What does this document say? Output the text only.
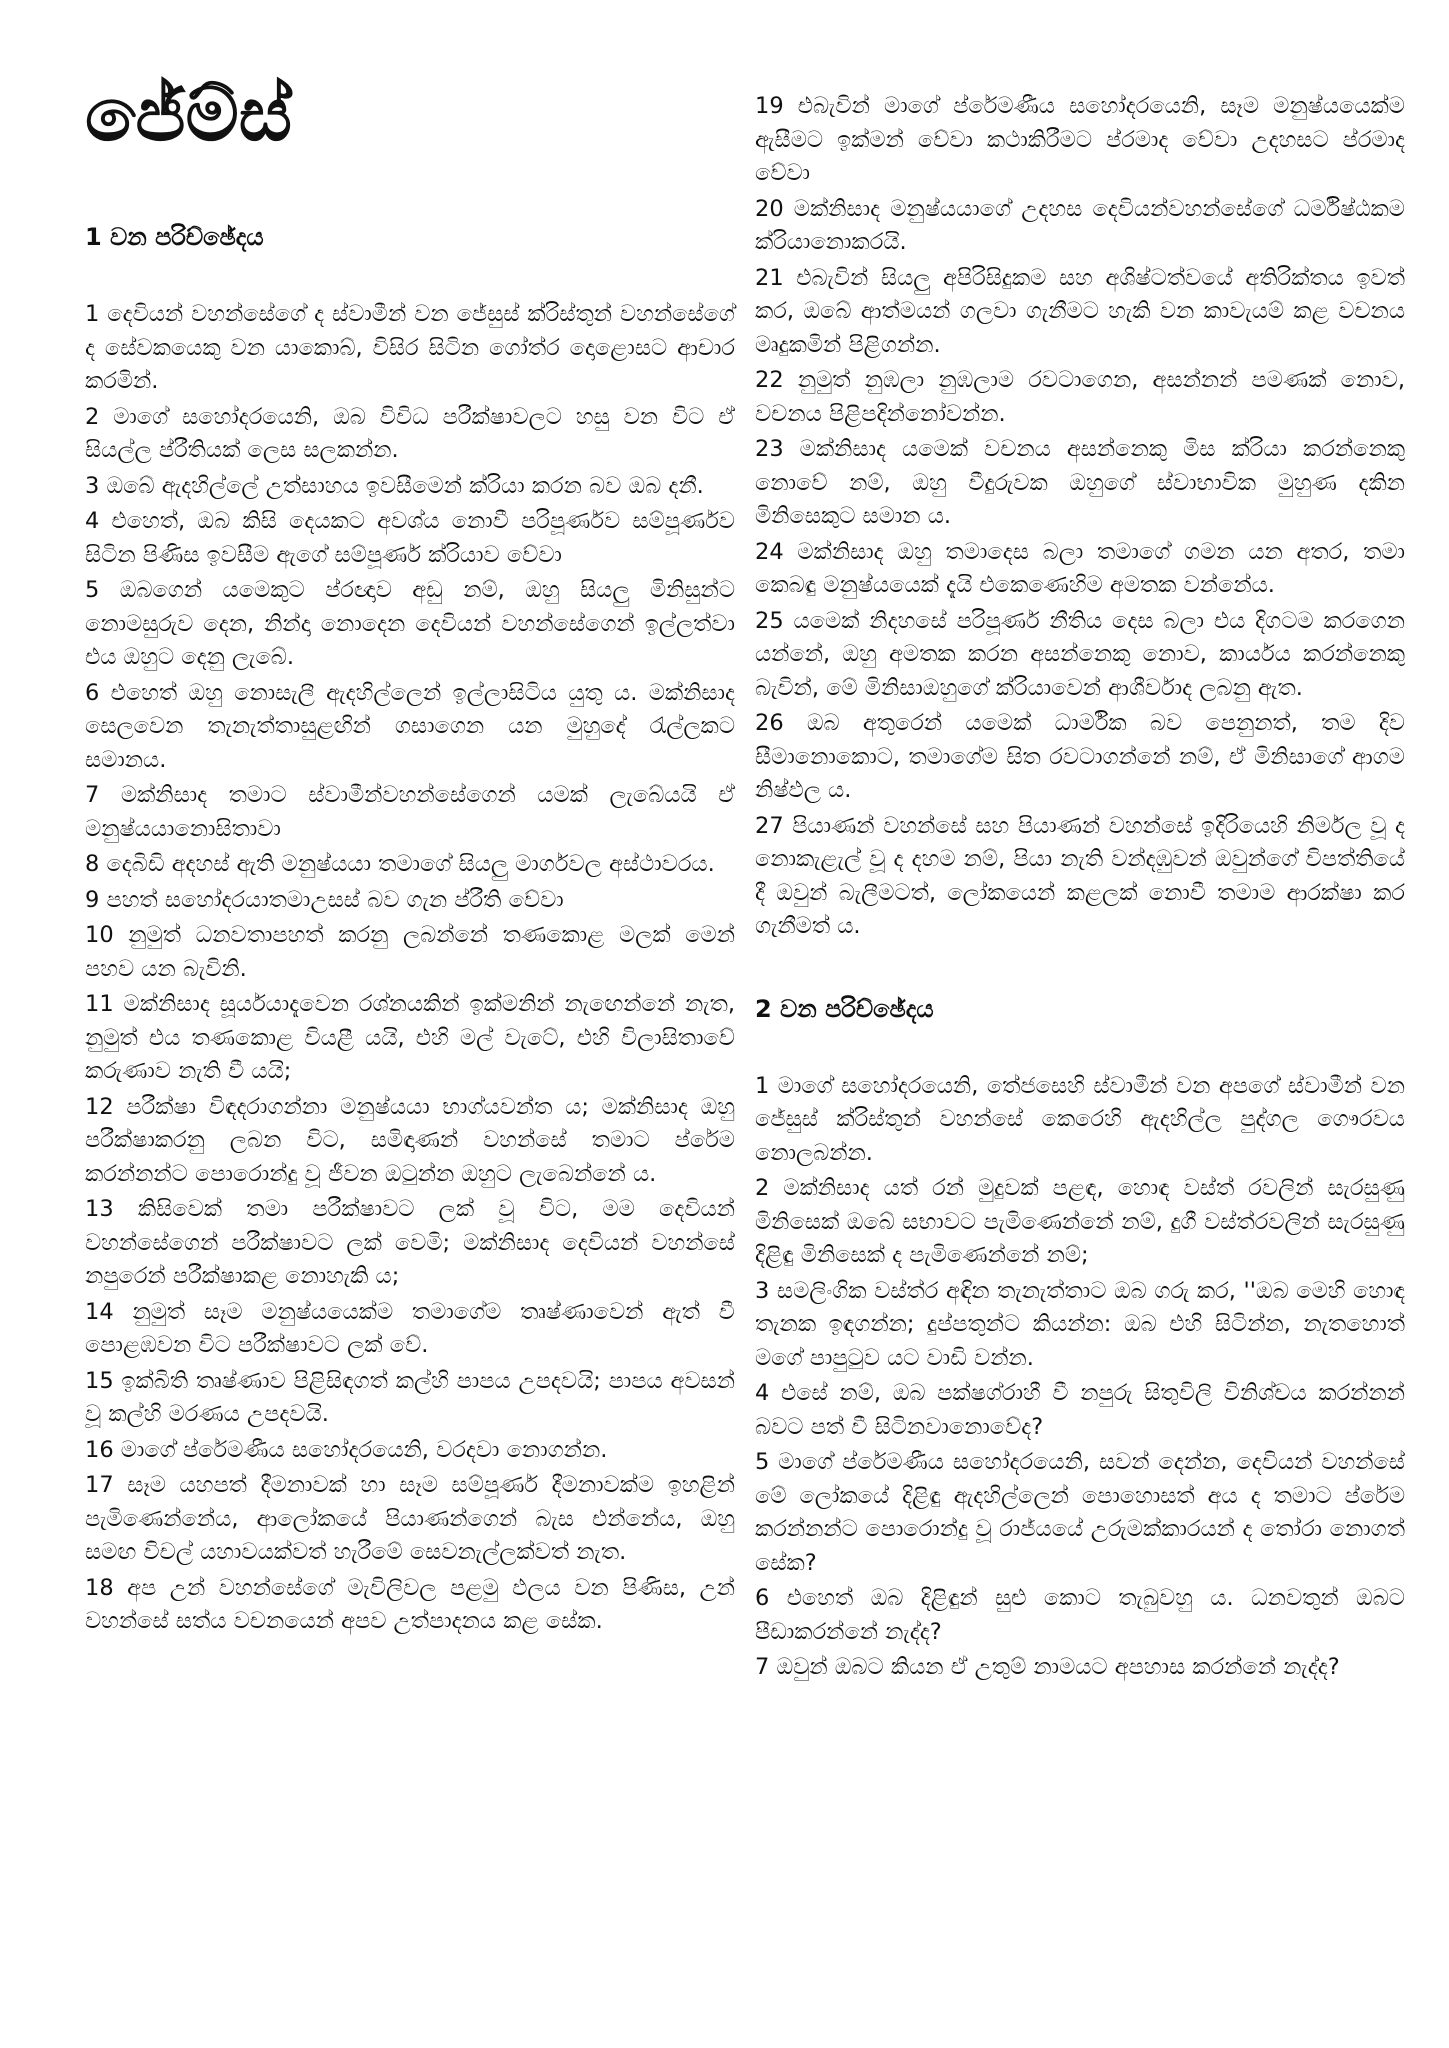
ජේම්ස්
1 වන පරිච්ඡේදය
1 දෙවියන් වහන්සේගේ ද ස්වාමීන් වන ජේසුස් ක්රිස්තුන් වහන්සේගේ ද සේවකයෙකු වන යාකොබ්, විසිර සිටින ගෝත්ර දොළොසට ආචාර කරමින්.
2 මාගේ සහෝදරයෙනි, ඔබ විවිධ පරීක්ෂාවලට හසු වන විට ඒ සියල්ල ප්රීතියක් ලෙස සලකන්න.
3 ඔබේ ඇදහිල්ලේ උත්සාහය ඉවසීමෙන් ක්රියා කරන බව ඔබ දනී.
4 එහෙත්, ඔබ කිසි දෙයකට අවශ්ය නොවී පරිපූර්ණව සම්පූර්ණව සිටින පිණිස ඉවසීම ඇගේ සම්පූර්ණ ක්රියාව වේවා
5 ඔබගෙන් යමෙකුට ප්රඥාව අඩු නම්, ඔහු සියලු මිනිසුන්ට නොමසුරුව දෙන, නින්දා නොදෙන දෙවියන් වහන්සේගෙන් ඉල්ලත්වා එය ඔහුට දෙනු ලැබේ.
6 එහෙත් ඔහු නොසැලී ඇදහිල්ලෙන් ඉල්ලාසිටිය යුතු ය. මක්නිසාද සෙලවෙන තැනැත්තාසුළඟින් ගසාගෙන යන මුහුදේ රැල්ලකට සමානය.
7 මක්නිසාද තමාට ස්වාමීන්වහන්සේගෙන් යමක් ලැබේයයි ඒ මනුෂ්යයානොසිතාවා
8 දෙබිඩි අදහස් ඇති මනුෂ්යයා තමාගේ සියලු මාර්ගවල අස්ථාවරය.
9 පහත් සහෝදරයාතමාඋසස් බව ගැන ප්රීති වේවා
10 නුමුත් ධනවතාපහත් කරනු ලබන්නේ තණකොළ මලක් මෙන් පහව යන බැවිනි.
11 මක්නිසාද සූර්යයාදැවෙන රශ්නයකින් ඉක්මනින් නැඟෙන්නේ නැත, නුමුත් එය තණකොළ වියළී යයි, එහි මල් වැටේ, එහි විලාසිතාවේ කරුණාව නැති වී යයි;
12 පරීක්ෂා විඳදරාගන්නා මනුෂ්යයා භාග්යවන්ත ය; මක්නිසාද ඔහු පරීක්ෂාකරනු ලබන විට, සමිඳාණන් වහන්සේ තමාට ප්රේම කරන්නන්ට පොරොන්දු වූ ජීවන ඔටුන්න ඔහුට ලැබෙන්නේ ය.
13 කිසිවෙක් තමා පරීක්ෂාවට ලක් වූ විට, මම දෙවියන් වහන්සේගෙන් පරීක්ෂාවට ලක් වෙමි; මක්නිසාද දෙවියන් වහන්සේ නපුරෙන් පරීක්ෂාකළ නොහැකි ය;
14 නුමුත් සෑම මනුෂ්යයෙක්ම තමාගේම තෘෂ්ණාවෙන් ඇත් වී පොළඹවන විට පරීක්ෂාවට ලක් වේ.
15 ඉක්බිති තෘෂ්ණාව පිළිසිඳගත් කල්හි පාපය උපදවයි; පාපය අවසන් වූ කල්හි මරණය උපදවයි.
16 මාගේ ප්රේමණීය සහෝදරයෙනි, වරදවා නොගන්න.
17 සෑම යහපත් දීමනාවක් හා සෑම සම්පූර්ණ දීමනාවක්ම ඉහළින් පැමිණෙන්නේය, ආලෝකයේ පියාණන්ගෙන් බැස එන්නේය, ඔහු සමඟ විචල් යහාවයක්වත් හැරීමේ සෙවනැල්ලක්වත් නැත.
18 අප උන් වහන්සේගේ මැවිලිවල පළමු ඵලය වන පිණිස, උන් වහන්සේ සත්ය වචනයෙන් අපව උත්පාදනය කළ සේක.
19 එබැවින් මාගේ ප්රේමණීය සහෝදරයෙනි, සෑම මනුෂ්යයෙක්ම ඇසීමට ඉක්මන් වේවා කථාකිරීමට ප්රමාද වේවා උදහසට ප්රමාද වේවා
20 මක්නිසාද මනුෂ්යයාගේ උදහස දෙවියන්වහන්සේගේ ධර්මිෂ්ඨකම ක්රියානොකරයි.
21 එබැවින් සියලු අපිරිසිදුකම සහ අශිෂ්ටත්වයේ අතිරික්තය ඉවත් කර, ඔබේ ආත්මයන් ගලවා ගැනීමට හැකි වන කාවැයම් කළ වචනය මෘදුකමින් පිළිගන්න.
22 නුමුත් නුඹලා නුඹලාම රවටාගෙන, අසන්නන් පමණක් නොව, වචනය පිළිපදින්නෝවන්න.
23 මක්නිසාද යමෙක් වචනය අසන්නෙකු මිස ක්රියා කරන්නෙකු නොවේ නම්, ඔහු වීදුරුවක ඔහුගේ ස්වාභාවික මුහුණ දකින මිනිසෙකුට සමාන ය.
24 මක්නිසාද ඔහු තමාදෙස බලා තමාගේ ගමන යන අතර, තමා කෙබඳු මනුෂ්යයෙක් දැයි එකෙණෙහිම අමතක වන්නේය.
25 යමෙක් නිදහසේ පරිපූර්ණ නීතිය දෙස බලා එය දිගටම කරගෙන යන්නේ, ඔහු අමතක කරන අසන්නෙකු නොව, කාර්යය කරන්නෙකු බැවින්, මේ මිනිසාඔහුගේ ක්රියාවෙන් ආශීර්වාද ලබනු ඇත.
26 ඔබ අතුරෙන් යමෙක් ධාර්මික බව පෙනුනත්, තම දිව සීමානොකොට, තමාගේම සිත රවටාගන්නේ නම්, ඒ මිනිසාගේ ආගම නිෂ්ඵල ය.
27 පියාණන් වහන්සේ සහ පියාණන් වහන්සේ ඉදිරියෙහි නිර්මල වූ ද නොකැළැල් වූ ද දහම නම්, පියා නැති වන්දඹුවන් ඔවුන්ගේ විපත්තියේ දී ඔවුන් බැලීමටත්, ලෝකයෙන් කළලක් නොවී තමාම ආරක්ෂා කර ගැනීමත් ය.
2 වන පරිච්ඡේදය
1 මාගේ සහෝදරයෙනි, තේජසෙහි ස්වාමීන් වන අපගේ ස්වාමීන් වන ජේසුස් ක්රිස්තුන් වහන්සේ කෙරෙහි ඇදහිල්ල පුද්ගල ගෞරවය නොලබන්න.
2 මක්නිසාද යත් රන් මුදුවක් පළඳ, හොඳ වස්ත් රවලින් සැරසුණු මිනිසෙක් ඔබේ සභාවට පැමිණෙන්නේ නම්, දුගී වස්ත්රවලින් සැරසුණු දිළිඳු මිනිසෙක් ද පැමිණෙන්නේ නම්;
3 සමලිංගික වස්ත්ර අඳින තැනැත්තාට ඔබ ගරු කර, ''ඔබ මෙහි හොඳ තැනක ඉඳගන්න; දුප්පතුන්ට කියන්න: ඔබ එහි සිටින්න, නැතහොත් මගේ පාපුටුව යට වාඩි වන්න.
4 එසේ නම්, ඔබ පක්ෂග්රාහී වී නපුරු සිතුවිලි විනිශ්චය කරන්නන් බවට පත් වී සිටිනවානොවේද?
5 මාගේ ප්රේමණීය සහෝදරයෙනි, සවන් දෙන්න, දෙවියන් වහන්සේ මේ ලෝකයේ දිළිඳු ඇදහිල්ලෙන් පොහොසත් අය ද තමාට ප්රේම කරන්නන්ට පොරොන්දු වූ රාජ්යයේ උරුමක්කාරයන් ද තෝරා නොගත් සේක?
6 එහෙත් ඔබ දිළිඳුන් සුළු කොට තැබුවහු ය. ධනවතුන් ඔබට පීඩාකරන්නේ නැද්ද?
7 ඔවුන් ඔබට කියන ඒ උතුම් නාමයට අපහාස කරන්නේ නැද්ද?
